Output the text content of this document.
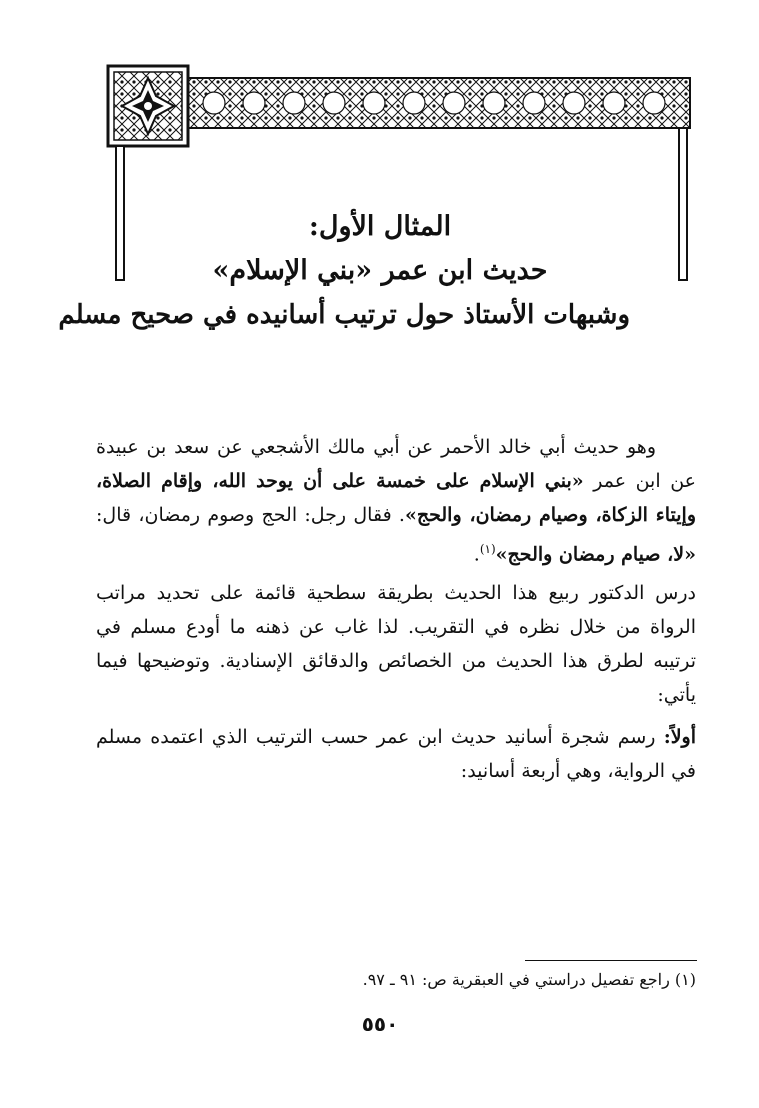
المثال الأول:

حديث ابن عمر «بني الإسلام»

وشبهات الأستاذ حول ترتيب أسانيده في صحيح مسلم

وهو حديث أبي خالد الأحمر عن أبي مالك الأشجعي عن سعد بن عبيدة عن ابن عمر «بني الإسلام على خمسة على أن يوحد الله، وإقام الصلاة، وإيتاء الزكاة، وصيام رمضان، والحج». فقال رجل: الحج وصوم رمضان، قال: «لا، صيام رمضان والحج»$^{(١)}$.

درس الدكتور ربيع هذا الحديث بطريقة سطحية قائمة على تحديد مراتب الرواة من خلال نظره في التقريب. لذا غاب عن ذهنه ما أودع مسلم في ترتيبه لطرق هذا الحديث من الخصائص والدقائق الإسنادية. وتوضيحها فيما يأتي:

أولاً: رسم شجرة أسانيد حديث ابن عمر حسب الترتيب الذي اعتمده مسلم في الرواية، وهي أربعة أسانيد:

(١) راجع تفصيل دراستي في العبقرية ص: ٩١ ـ ٩٧.
٥٥٠
